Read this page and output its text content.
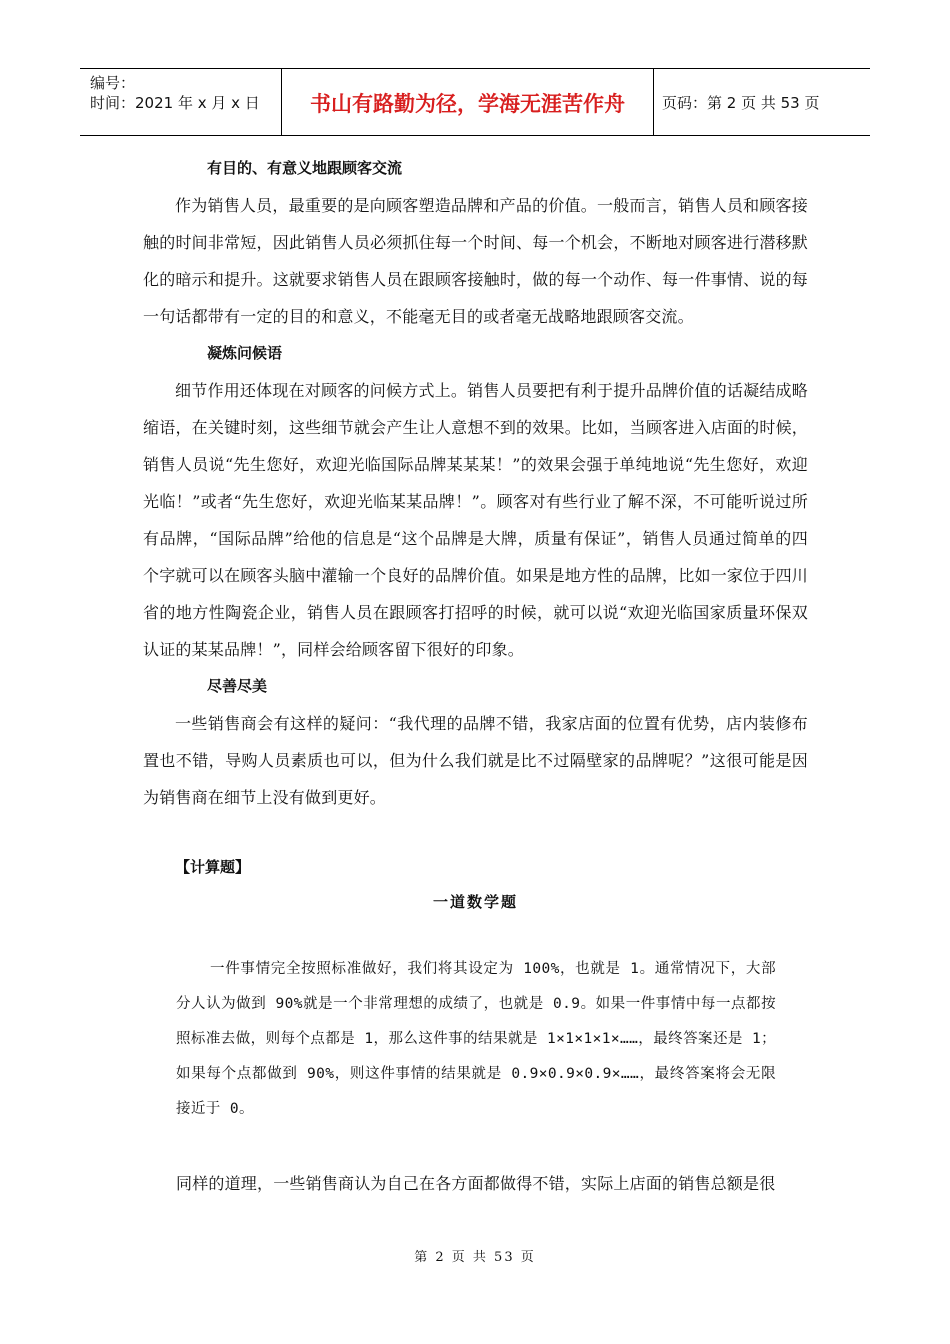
编号：
时间：2021 年 x 月 x 日	书山有路勤为径，学海无涯苦作舟	页码：第 2 页 共 53 页
有目的、有意义地跟顾客交流
作为销售人员，最重要的是向顾客塑造品牌和产品的价值。一般而言，销售人员和顾客接触的时间非常短，因此销售人员必须抓住每一个时间、每一个机会，不断地对顾客进行潜移默化的暗示和提升。这就要求销售人员在跟顾客接触时，做的每一个动作、每一件事情、说的每一句话都带有一定的目的和意义，不能毫无目的或者毫无战略地跟顾客交流。
凝炼问候语
细节作用还体现在对顾客的问候方式上。销售人员要把有利于提升品牌价值的话凝结成略缩语，在关键时刻，这些细节就会产生让人意想不到的效果。比如，当顾客进入店面的时候，销售人员说“先生您好，欢迎光临国际品牌某某某！”的效果会强于单纯地说“先生您好，欢迎光临！”或者“先生您好，欢迎光临某某品牌！”。顾客对有些行业了解不深，不可能听说过所有品牌，“国际品牌”给他的信息是“这个品牌是大牌，质量有保证”，销售人员通过简单的四个字就可以在顾客头脑中灌输一个良好的品牌价值。如果是地方性的品牌，比如一家位于四川省的地方性陶瓷企业，销售人员在跟顾客打招呼的时候，就可以说“欢迎光临国家质量环保双认证的某某品牌！”，同样会给顾客留下很好的印象。
尽善尽美
一些销售商会有这样的疑问：“我代理的品牌不错，我家店面的位置有优势，店内装修布置也不错，导购人员素质也可以，但为什么我们就是比不过隔壁家的品牌呢？”这很可能是因为销售商在细节上没有做到更好。
【计算题】
一道数学题
一件事情完全按照标准做好，我们将其设定为 100%，也就是 1。通常情况下，大部分人认为做到 90%就是一个非常理想的成绩了，也就是 0.9。如果一件事情中每一点都按照标准去做，则每个点都是 1，那么这件事的结果就是 1×1×1×1×……，最终答案还是 1；如果每个点都做到 90%，则这件事情的结果就是 0.9×0.9×0.9×……，最终答案将会无限接近于 0。
同样的道理，一些销售商认为自己在各方面都做得不错，实际上店面的销售总额是很
第 2 页 共 53 页
